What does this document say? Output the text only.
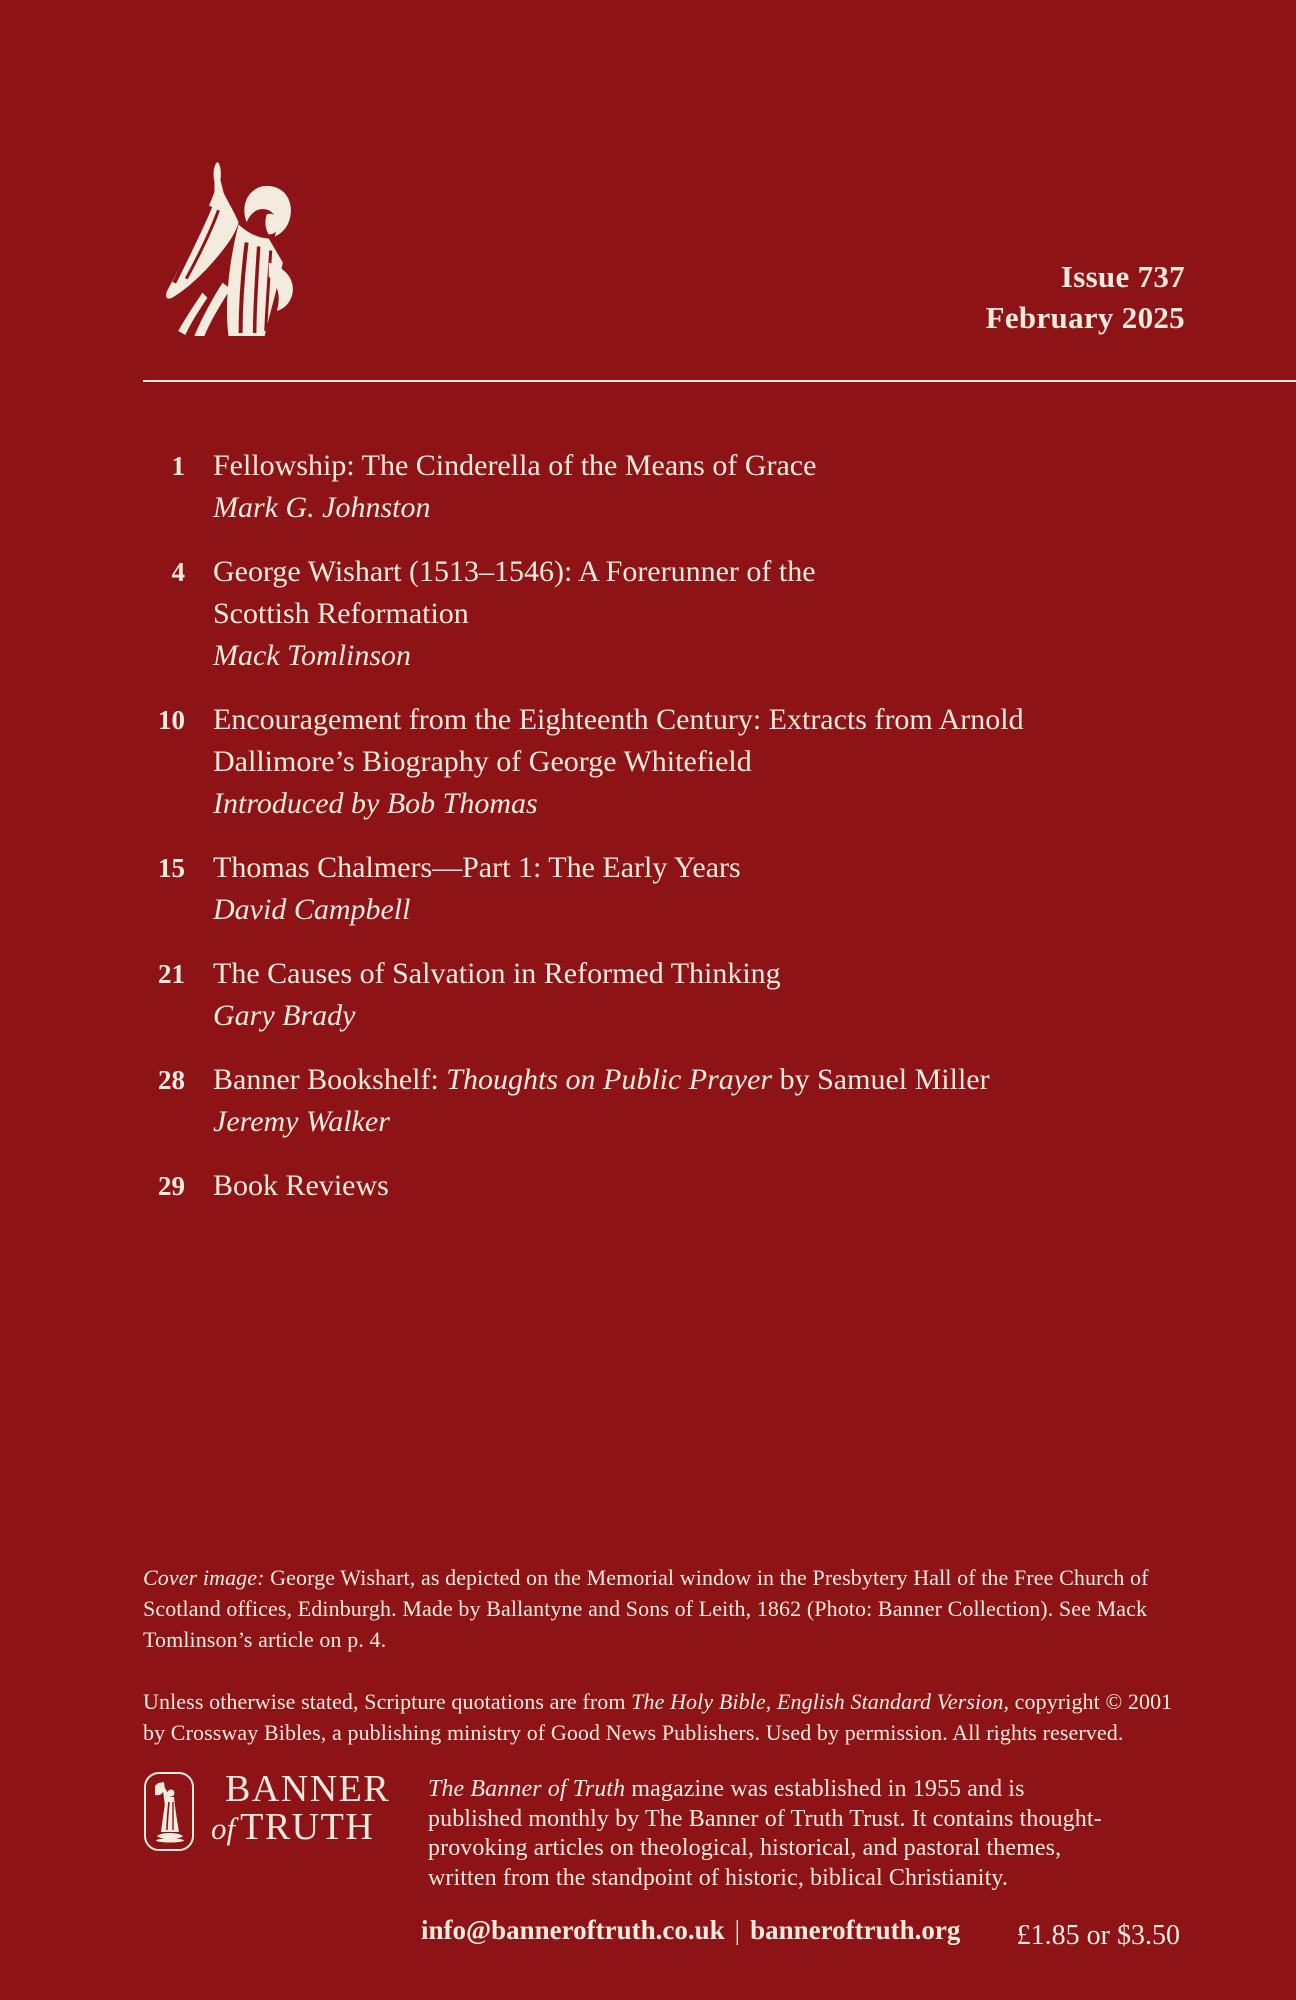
Issue 737
February 2025
1 Fellowship: The Cinderella of the Means of Grace
Mark G. Johnston
4 George Wishart (1513–1546): A Forerunner of the
Scottish Reformation
Mack Tomlinson
10 Encouragement from the Eighteenth Century: Extracts from Arnold
Dallimore’s Biography of George Whitefield
Introduced by Bob Thomas
15 Thomas Chalmers—Part 1: The Early Years
David Campbell
21 The Causes of Salvation in Reformed Thinking
Gary Brady
28 Banner Bookshelf: Thoughts on Public Prayer by Samuel Miller
Jeremy Walker
29 Book Reviews
Cover image: George Wishart, as depicted on the Memorial window in the Presbytery Hall of the Free Church of
Scotland offices, Edinburgh. Made by Ballantyne and Sons of Leith, 1862 (Photo: Banner Collection). See Mack
Tomlinson’s article on p. 4.
Unless otherwise stated, Scripture quotations are from The Holy Bible, English Standard Version, copyright © 2001
by Crossway Bibles, a publishing ministry of Good News Publishers. Used by permission. All rights reserved.
BANNER
of TRUTH
The Banner of Truth magazine was established in 1955 and is
published monthly by The Banner of Truth Trust. It contains thought-
provoking articles on theological, historical, and pastoral themes,
written from the standpoint of historic, biblical Christianity.
info@banneroftruth.co.uk | banneroftruth.org £1.85 or $3.50
